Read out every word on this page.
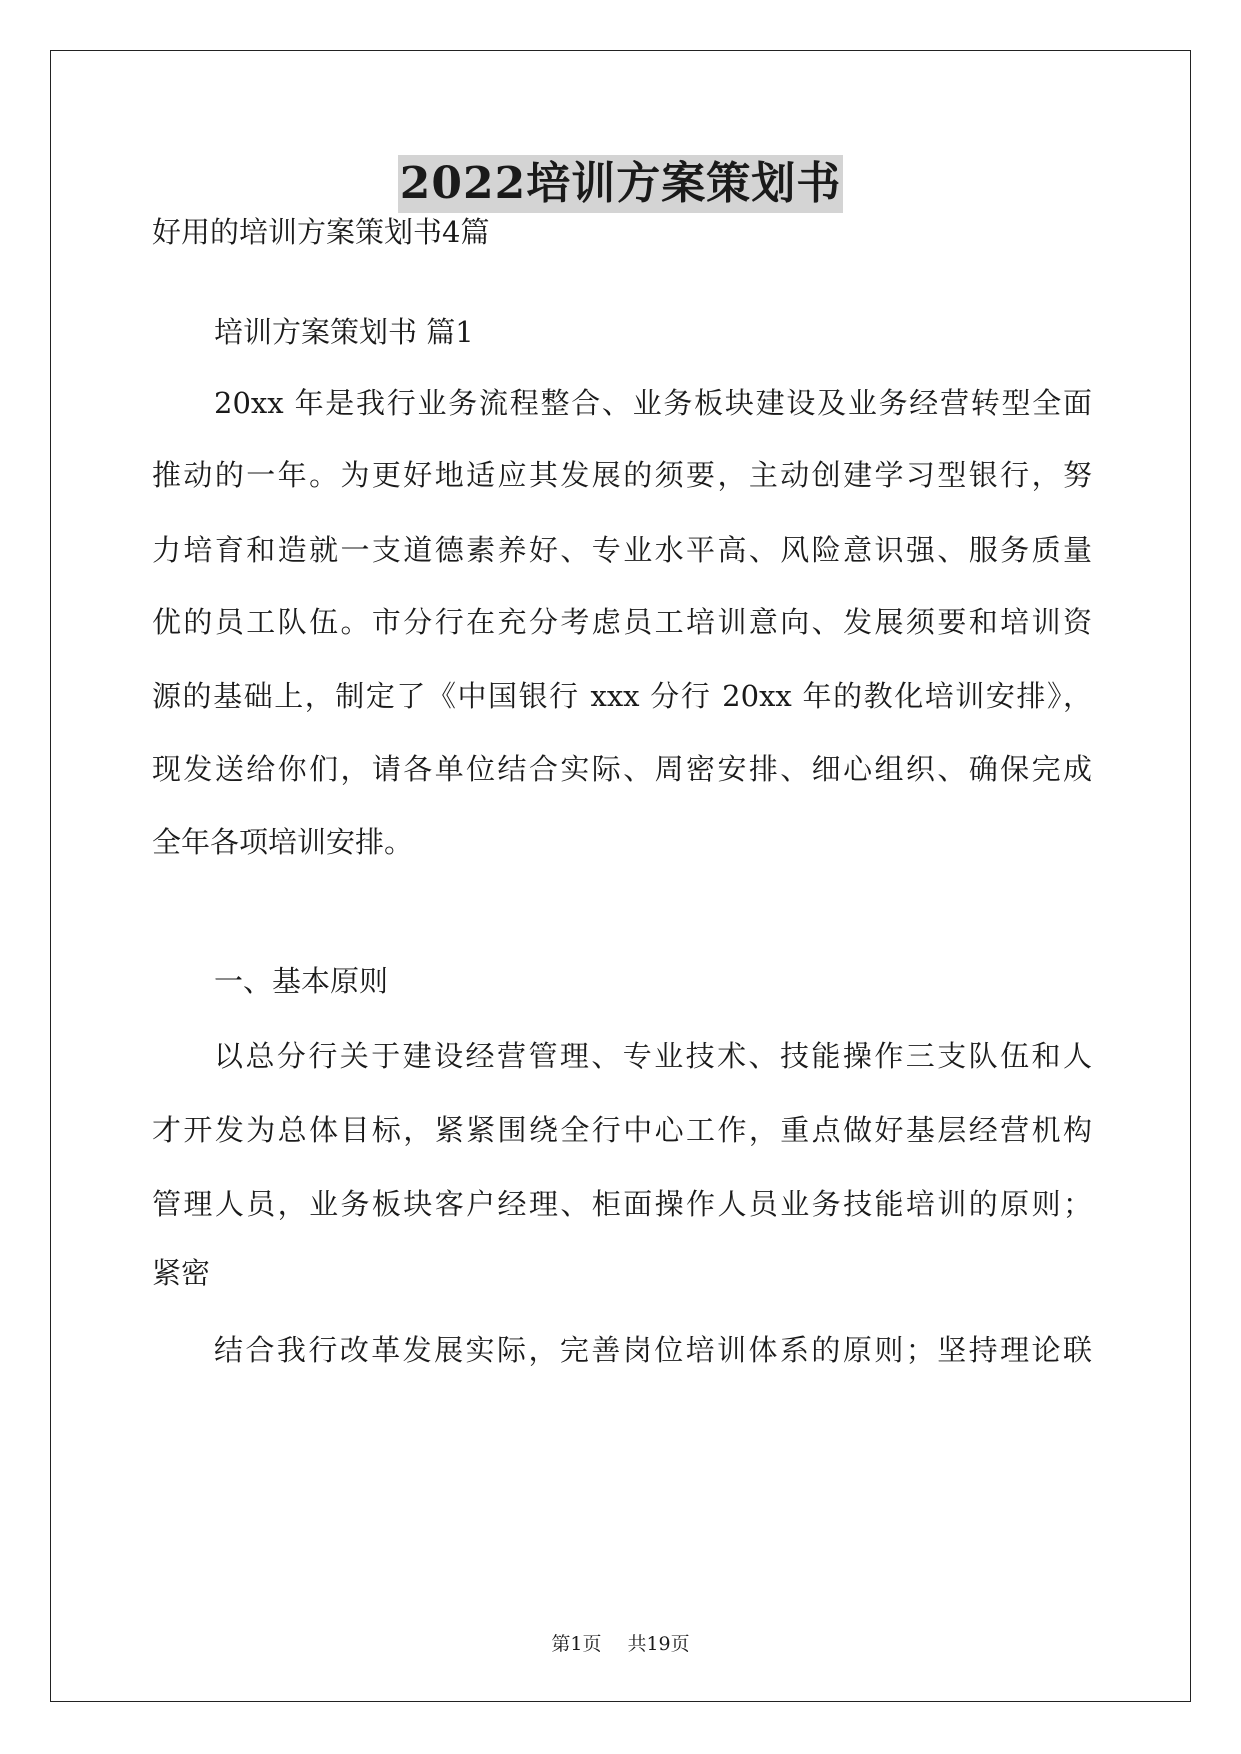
2022培训方案策划书

好用的培训方案策划书4篇

培训方案策划书 篇1

20xx 年是我行业务流程整合、业务板块建设及业务经营转型全面

推动的一年。为更好地适应其发展的须要，主动创建学习型银行，努

力培育和造就一支道德素养好、专业水平高、风险意识强、服务质量

优的员工队伍。市分行在充分考虑员工培训意向、发展须要和培训资

源的基础上，制定了《中国银行 xxx 分行 20xx 年的教化培训安排》，

现发送给你们，请各单位结合实际、周密安排、细心组织、确保完成

全年各项培训安排。

一、基本原则

以总分行关于建设经营管理、专业技术、技能操作三支队伍和人

才开发为总体目标，紧紧围绕全行中心工作，重点做好基层经营机构

管理人员，业务板块客户经理、柜面操作人员业务技能培训的原则；

紧密

结合我行改革发展实际，完善岗位培训体系的原则；坚持理论联

第1页 共19页
